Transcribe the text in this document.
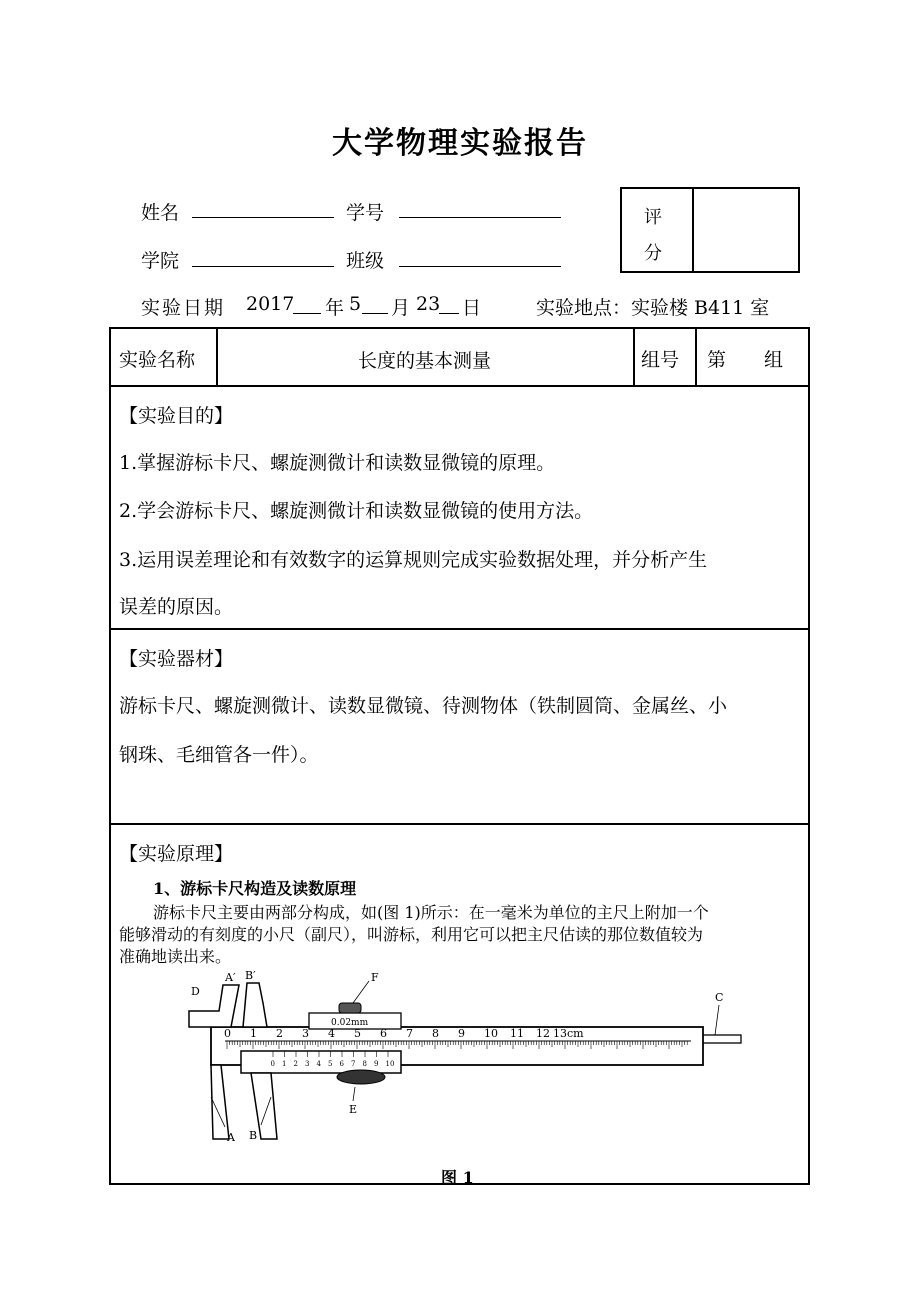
大学物理实验报告
姓名	学号
学院	班级
评
分
实验日期 2017 年 5 月 23 日	实验地点：实验楼 B411 室
实验名称	长度的基本测量	组号 第　　组
【实验目的】
1.掌握游标卡尺、螺旋测微计和读数显微镜的原理。
2.学会游标卡尺、螺旋测微计和读数显微镜的使用方法。
3.运用误差理论和有效数字的运算规则完成实验数据处理，并分析产生
误差的原因。
【实验器材】
游标卡尺、螺旋测微计、读数显微镜、待测物体（铁制圆筒、金属丝、小
钢珠、毛细管各一件）。
【实验原理】
1、游标卡尺构造及读数原理
游标卡尺主要由两部分构成，如(图 1)所示：在一毫米为单位的主尺上附加一个
能够滑动的有刻度的小尺（副尺），叫游标，利用它可以把主尺估读的那位数值较为
准确地读出来。
0 1 2 3 4 5 6 7 8 9 10 11 12
0 1 2 3 4 5 6 7 8 9 10
13cm
0.02mm
F
C
D
A′ B′
E
A B
图 1
